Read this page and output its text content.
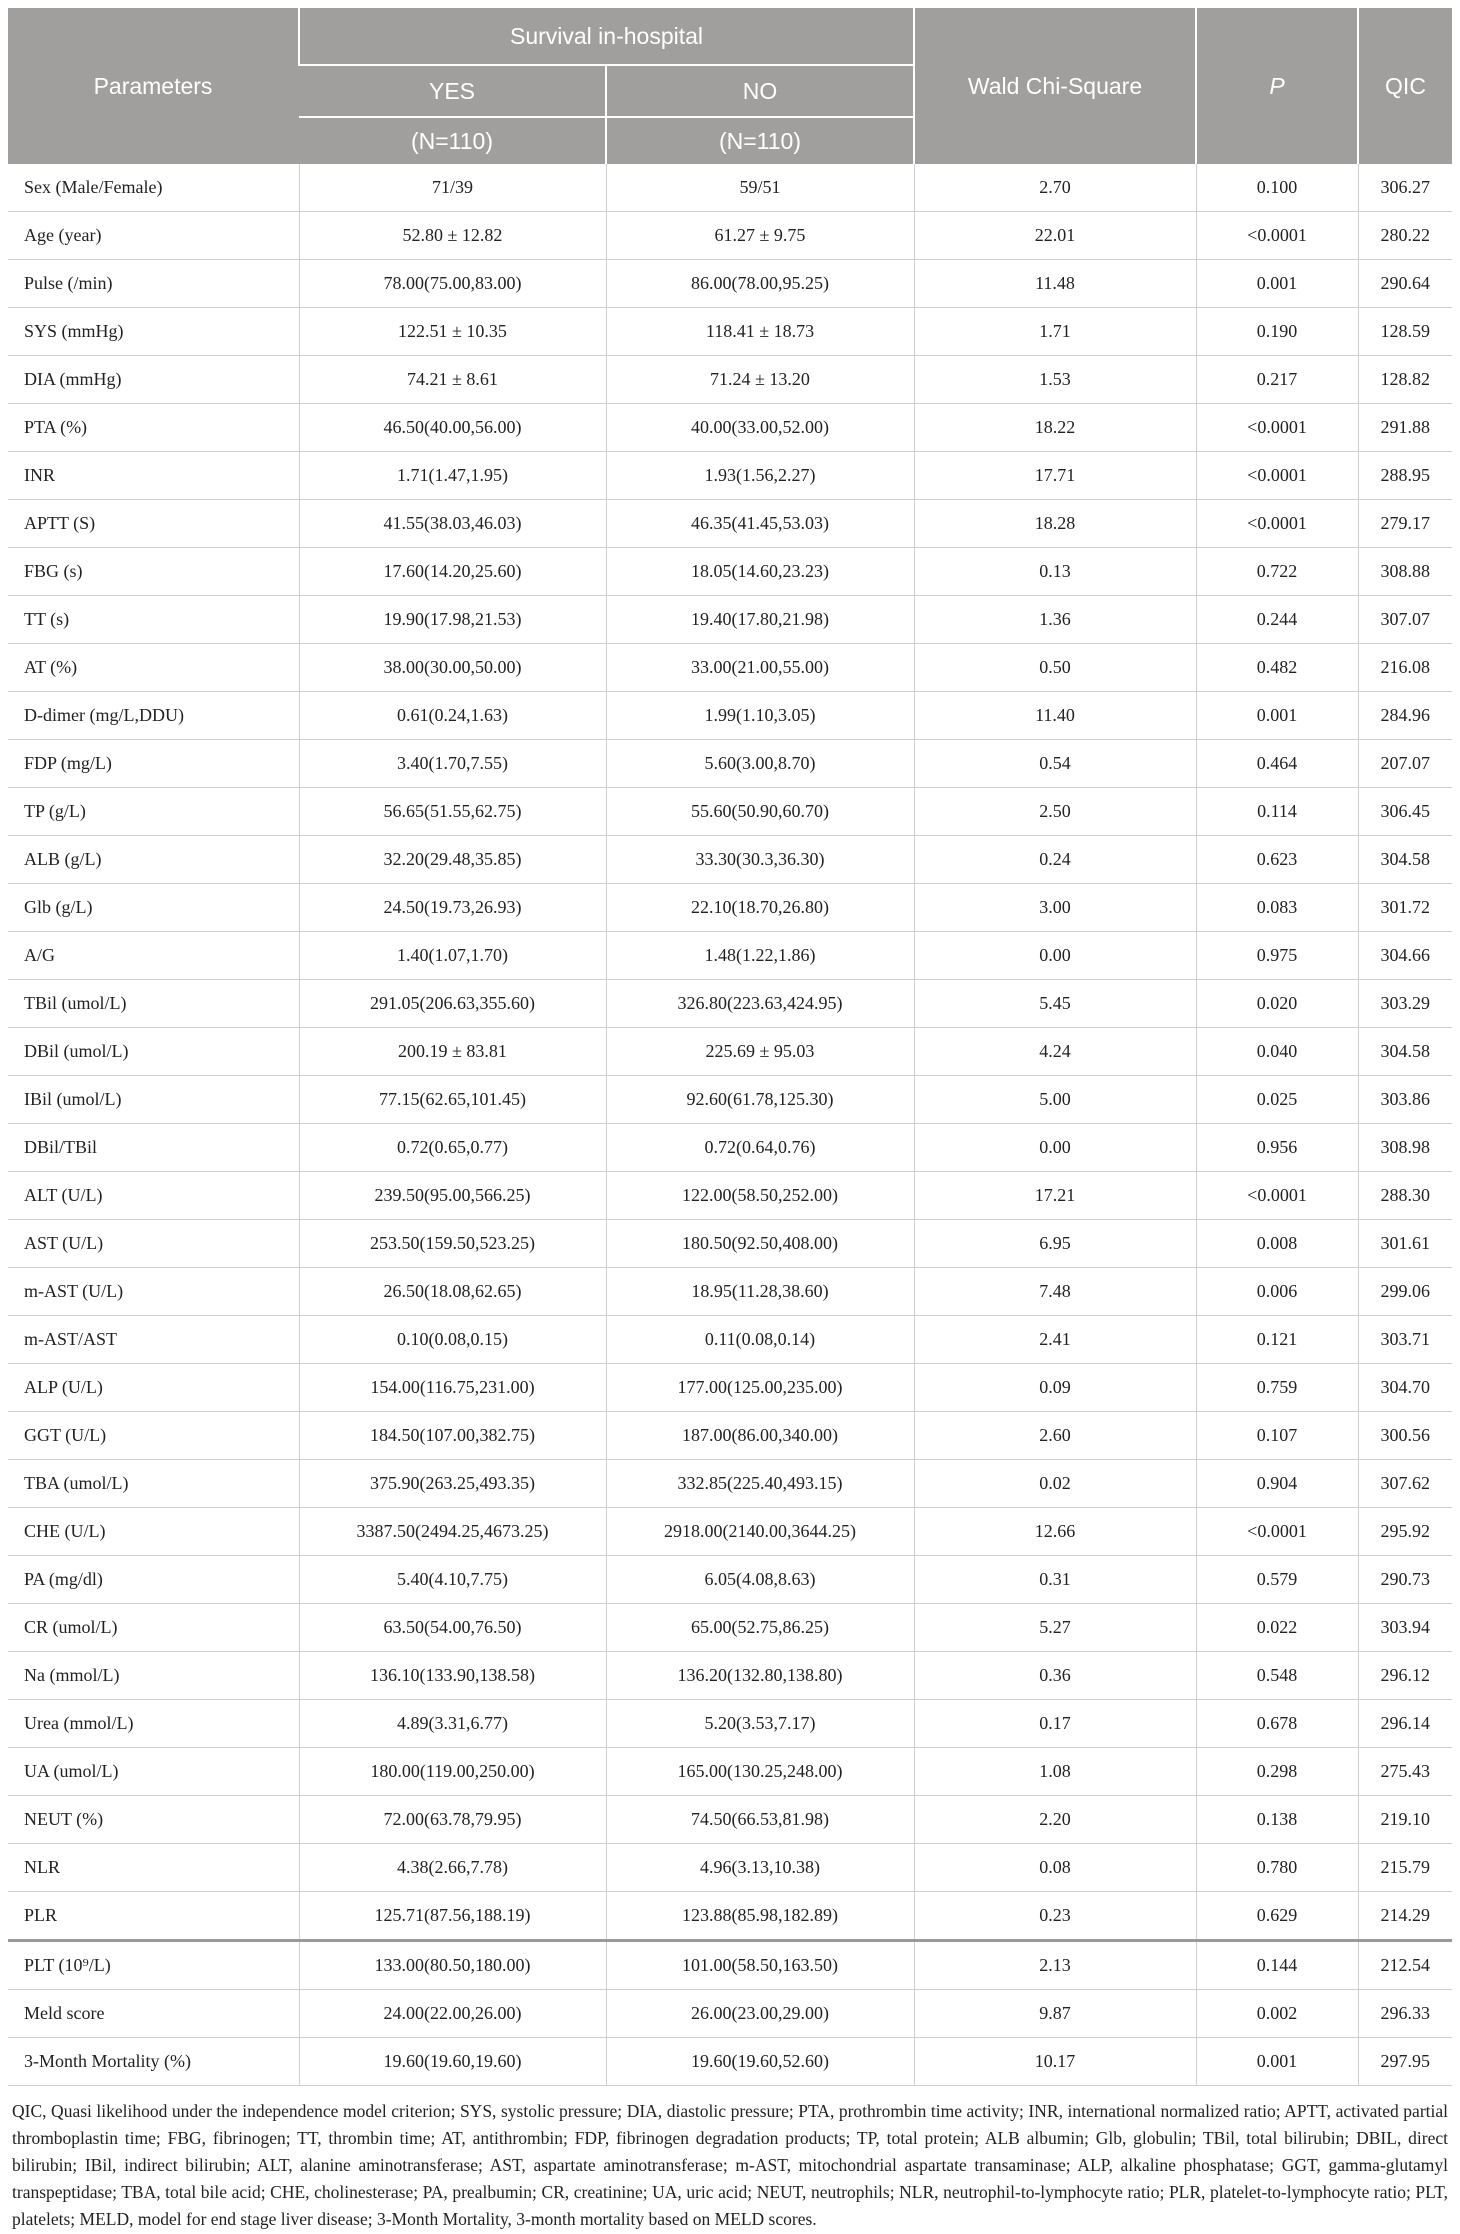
Parameters	Survival in-hospital		Wald Chi-Square	P	QIC
	YES	NO			
	(N=110)	(N=110)			
Sex (Male/Female)	71/39	59/51	2.70	0.100	306.27
Age (year)	52.80 ± 12.82	61.27 ± 9.75	22.01	<0.0001	280.22
Pulse (/min)	78.00(75.00,83.00)	86.00(78.00,95.25)	11.48	0.001	290.64
SYS (mmHg)	122.51 ± 10.35	118.41 ± 18.73	1.71	0.190	128.59
DIA (mmHg)	74.21 ± 8.61	71.24 ± 13.20	1.53	0.217	128.82
PTA (%)	46.50(40.00,56.00)	40.00(33.00,52.00)	18.22	<0.0001	291.88
INR	1.71(1.47,1.95)	1.93(1.56,2.27)	17.71	<0.0001	288.95
APTT (S)	41.55(38.03,46.03)	46.35(41.45,53.03)	18.28	<0.0001	279.17
FBG (s)	17.60(14.20,25.60)	18.05(14.60,23.23)	0.13	0.722	308.88
TT (s)	19.90(17.98,21.53)	19.40(17.80,21.98)	1.36	0.244	307.07
AT (%)	38.00(30.00,50.00)	33.00(21.00,55.00)	0.50	0.482	216.08
D-dimer (mg/L,DDU)	0.61(0.24,1.63)	1.99(1.10,3.05)	11.40	0.001	284.96
FDP (mg/L)	3.40(1.70,7.55)	5.60(3.00,8.70)	0.54	0.464	207.07
TP (g/L)	56.65(51.55,62.75)	55.60(50.90,60.70)	2.50	0.114	306.45
ALB (g/L)	32.20(29.48,35.85)	33.30(30.3,36.30)	0.24	0.623	304.58
Glb (g/L)	24.50(19.73,26.93)	22.10(18.70,26.80)	3.00	0.083	301.72
A/G	1.40(1.07,1.70)	1.48(1.22,1.86)	0.00	0.975	304.66
TBil (umol/L)	291.05(206.63,355.60)	326.80(223.63,424.95)	5.45	0.020	303.29
DBil (umol/L)	200.19 ± 83.81	225.69 ± 95.03	4.24	0.040	304.58
IBil (umol/L)	77.15(62.65,101.45)	92.60(61.78,125.30)	5.00	0.025	303.86
DBil/TBil	0.72(0.65,0.77)	0.72(0.64,0.76)	0.00	0.956	308.98
ALT (U/L)	239.50(95.00,566.25)	122.00(58.50,252.00)	17.21	<0.0001	288.30
AST (U/L)	253.50(159.50,523.25)	180.50(92.50,408.00)	6.95	0.008	301.61
m-AST (U/L)	26.50(18.08,62.65)	18.95(11.28,38.60)	7.48	0.006	299.06
m-AST/AST	0.10(0.08,0.15)	0.11(0.08,0.14)	2.41	0.121	303.71
ALP (U/L)	154.00(116.75,231.00)	177.00(125.00,235.00)	0.09	0.759	304.70
GGT (U/L)	184.50(107.00,382.75)	187.00(86.00,340.00)	2.60	0.107	300.56
TBA (umol/L)	375.90(263.25,493.35)	332.85(225.40,493.15)	0.02	0.904	307.62
CHE (U/L)	3387.50(2494.25,4673.25)	2918.00(2140.00,3644.25)	12.66	<0.0001	295.92
PA (mg/dl)	5.40(4.10,7.75)	6.05(4.08,8.63)	0.31	0.579	290.73
CR (umol/L)	63.50(54.00,76.50)	65.00(52.75,86.25)	5.27	0.022	303.94
Na (mmol/L)	136.10(133.90,138.58)	136.20(132.80,138.80)	0.36	0.548	296.12
Urea (mmol/L)	4.89(3.31,6.77)	5.20(3.53,7.17)	0.17	0.678	296.14
UA (umol/L)	180.00(119.00,250.00)	165.00(130.25,248.00)	1.08	0.298	275.43
NEUT (%)	72.00(63.78,79.95)	74.50(66.53,81.98)	2.20	0.138	219.10
NLR	4.38(2.66,7.78)	4.96(3.13,10.38)	0.08	0.780	215.79
PLR	125.71(87.56,188.19)	123.88(85.98,182.89)	0.23	0.629	214.29
PLT (10⁹/L)	133.00(80.50,180.00)	101.00(58.50,163.50)	2.13	0.144	212.54
Meld score	24.00(22.00,26.00)	26.00(23.00,29.00)	9.87	0.002	296.33
3-Month Mortality (%)	19.60(19.60,19.60)	19.60(19.60,52.60)	10.17	0.001	297.95
QIC, Quasi likelihood under the independence model criterion; SYS, systolic pressure; DIA, diastolic pressure; PTA, prothrombin time activity; INR, international normalized ratio; APTT, activated partial thromboplastin time; FBG, fibrinogen; TT, thrombin time; AT, antithrombin; FDP, fibrinogen degradation products; TP, total protein; ALB albumin; Glb, globulin; TBil, total bilirubin; DBIL, direct bilirubin; IBil, indirect bilirubin; ALT, alanine aminotransferase; AST, aspartate aminotransferase; m-AST, mitochondrial aspartate transaminase; ALP, alkaline phosphatase; GGT, gamma-glutamyl transpeptidase; TBA, total bile acid; CHE, cholinesterase; PA, prealbumin; CR, creatinine; UA, uric acid; NEUT, neutrophils; NLR, neutrophil-to-lymphocyte ratio; PLR, platelet-to-lymphocyte ratio; PLT, platelets; MELD, model for end stage liver disease; 3-Month Mortality, 3-month mortality based on MELD scores.
